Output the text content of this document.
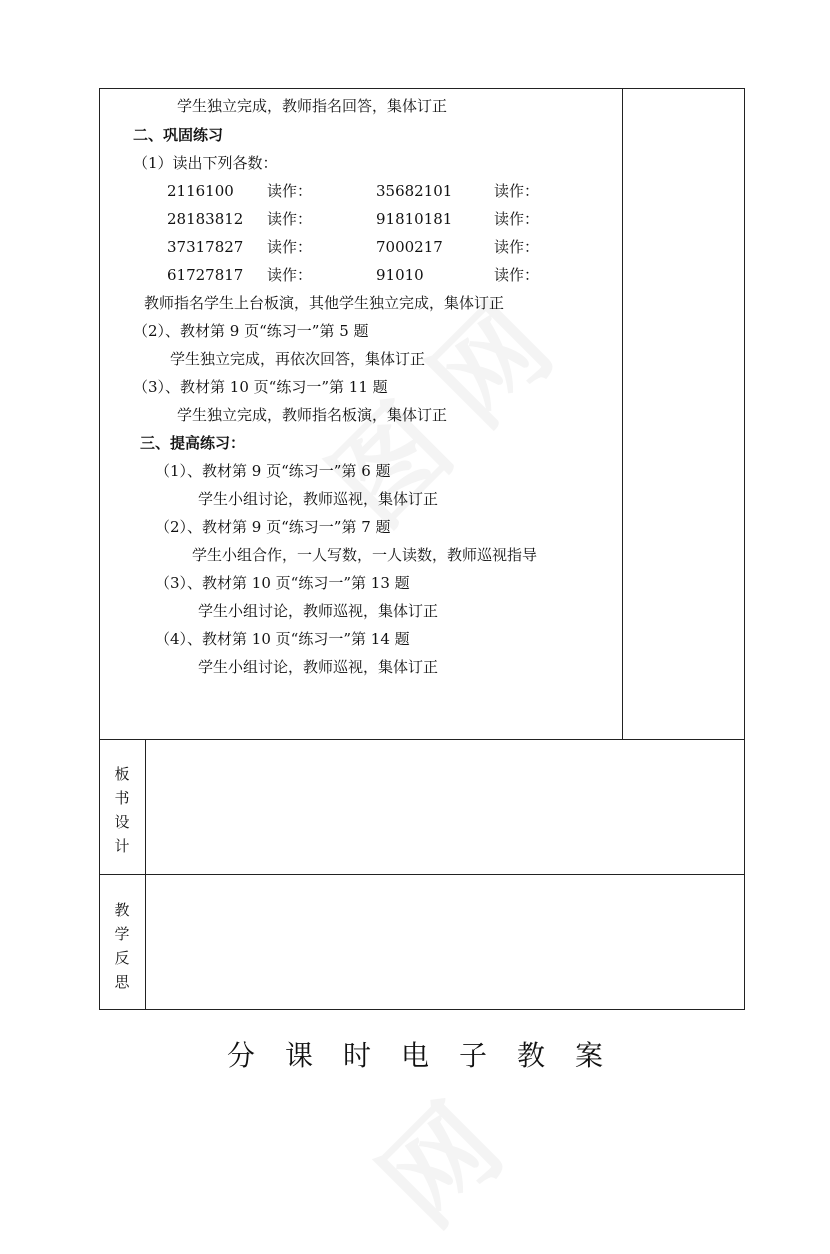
板
书
设
计
教
学
反
思
学生独立完成，教师指名回答，集体订正
二、巩固练习
（1）读出下列各数：
2116100 读作：	35682101	读作：
28183812 读作：	91810181	读作：
37317827 读作：	7000217	读作：
61727817 读作：	91010	读作：
教师指名学生上台板演，其他学生独立完成，集体订正
（2）、教材第 9 页“练习一”第 5 题
学生独立完成，再依次回答，集体订正
（3）、教材第 10 页“练习一”第 11 题
学生独立完成，教师指名板演，集体订正
三、提高练习：
（1）、教材第 9 页“练习一”第 6 题
学生小组讨论，教师巡视，集体订正
（2）、教材第 9 页“练习一”第 7 题
学生小组合作，一人写数，一人读数，教师巡视指导
（3）、教材第 10 页“练习一”第 13 题
学生小组讨论，教师巡视，集体订正
（4）、教材第 10 页“练习一”第 14 题
学生小组讨论，教师巡视，集体订正
分课时电子教案
